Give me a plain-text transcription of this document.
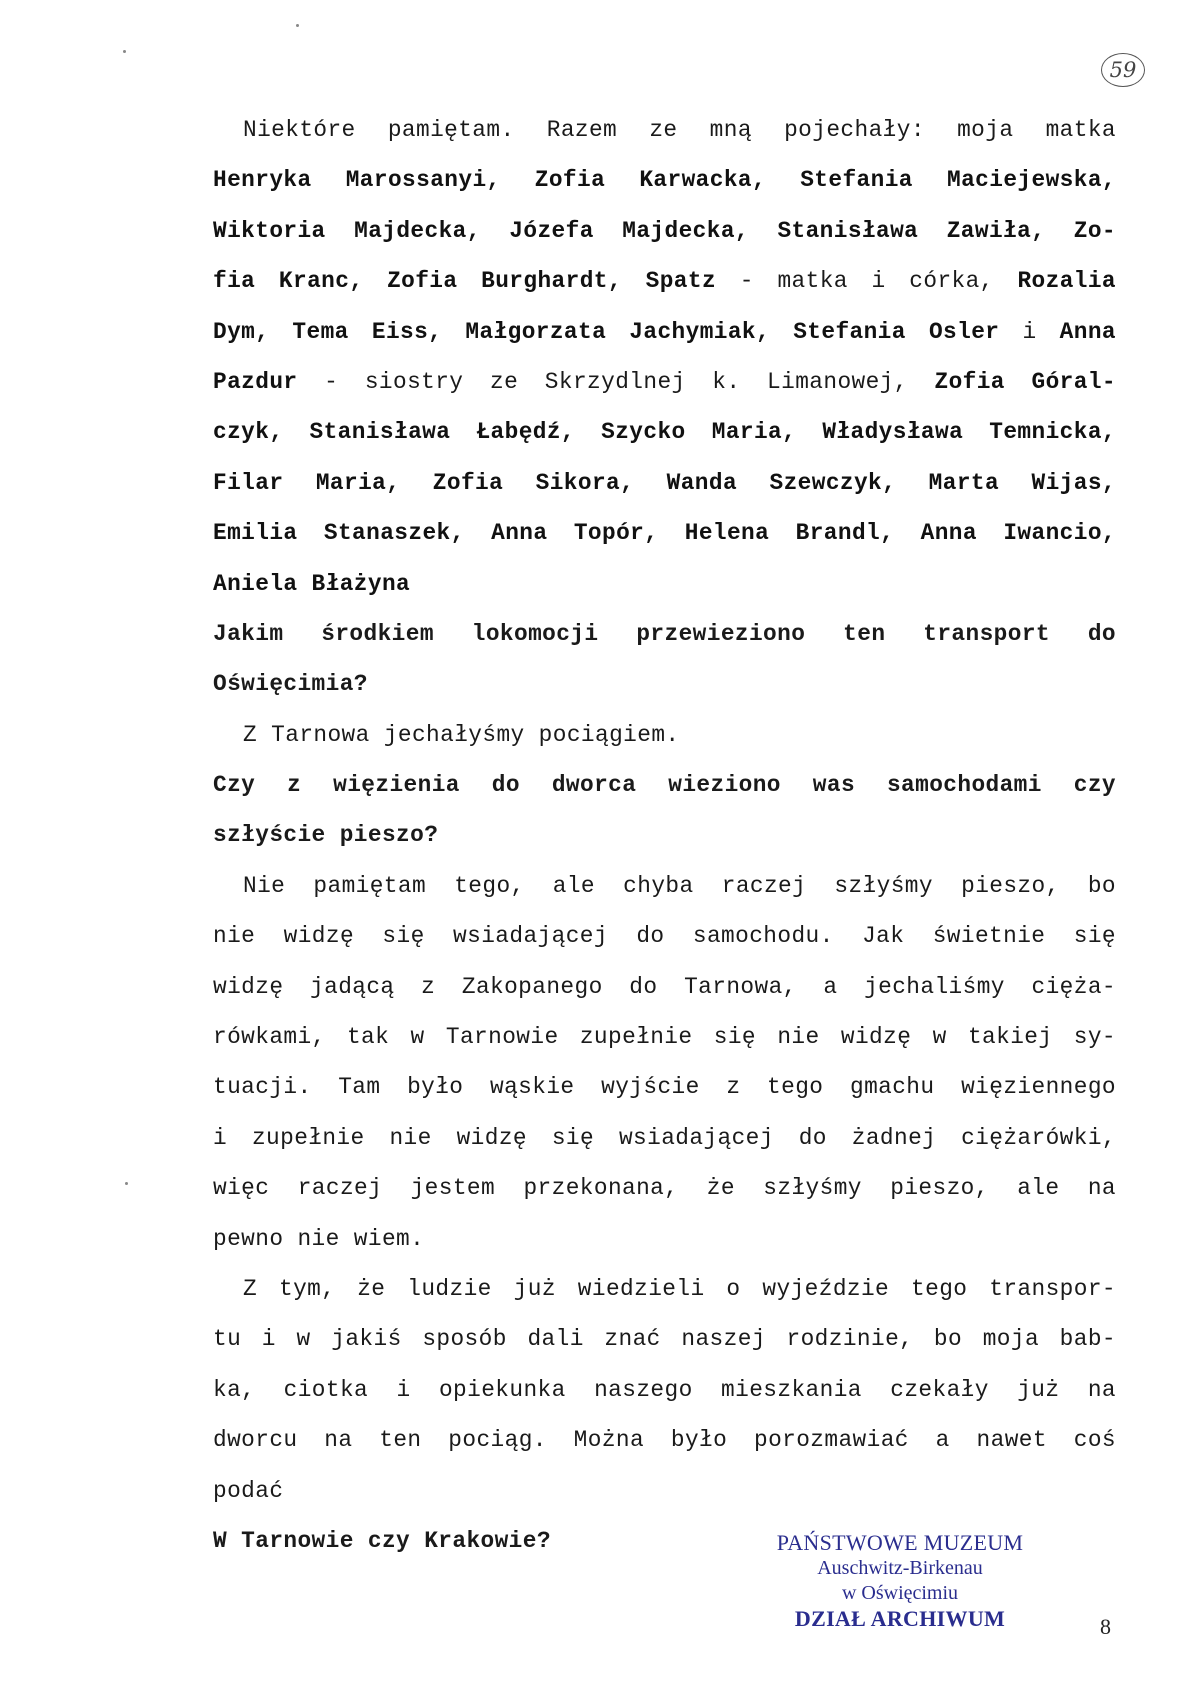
59
Niektóre pamiętam. Razem ze mną pojechały: moja matka
Henryka Marossanyi, Zofia Karwacka, Stefania Maciejewska,
Wiktoria Majdecka, Józefa Majdecka, Stanisława Zawiła, Zo-
fia Kranc, Zofia Burghardt, Spatz - matka i córka, Rozalia
Dym, Tema Eiss, Małgorzata Jachymiak, Stefania Osler i Anna
Pazdur - siostry ze Skrzydlnej k. Limanowej, Zofia Góral-
czyk, Stanisława Łabędź, Szycko Maria, Władysława Temnicka,
Filar Maria, Zofia Sikora, Wanda Szewczyk, Marta Wijas,
Emilia Stanaszek, Anna Topór, Helena Brandl, Anna Iwancio,
Aniela Błażyna
Jakim środkiem lokomocji przewieziono ten transport do
Oświęcimia?
Z Tarnowa jechałyśmy pociągiem.
Czy z więzienia do dworca wieziono was samochodami czy
szłyście pieszo?
Nie pamiętam tego, ale chyba raczej szłyśmy pieszo, bo
nie widzę się wsiadającej do samochodu. Jak świetnie się
widzę jadącą z Zakopanego do Tarnowa, a jechaliśmy cięża-
rówkami, tak w Tarnowie zupełnie się nie widzę w takiej sy-
tuacji. Tam było wąskie wyjście z tego gmachu więziennego
i zupełnie nie widzę się wsiadającej do żadnej ciężarówki,
więc raczej jestem przekonana, że szłyśmy pieszo, ale na
pewno nie wiem.
Z tym, że ludzie już wiedzieli o wyjeździe tego transpor-
tu i w jakiś sposób dali znać naszej rodzinie, bo moja bab-
ka, ciotka i opiekunka naszego mieszkania czekały już na
dworcu na ten pociąg. Można było porozmawiać a nawet coś
podać
W Tarnowie czy Krakowie?	PAŃSTWOWE MUZEUM
Auschwitz-Birkenau
w Oświęcimiu
DZIAŁ ARCHIWUM	8
